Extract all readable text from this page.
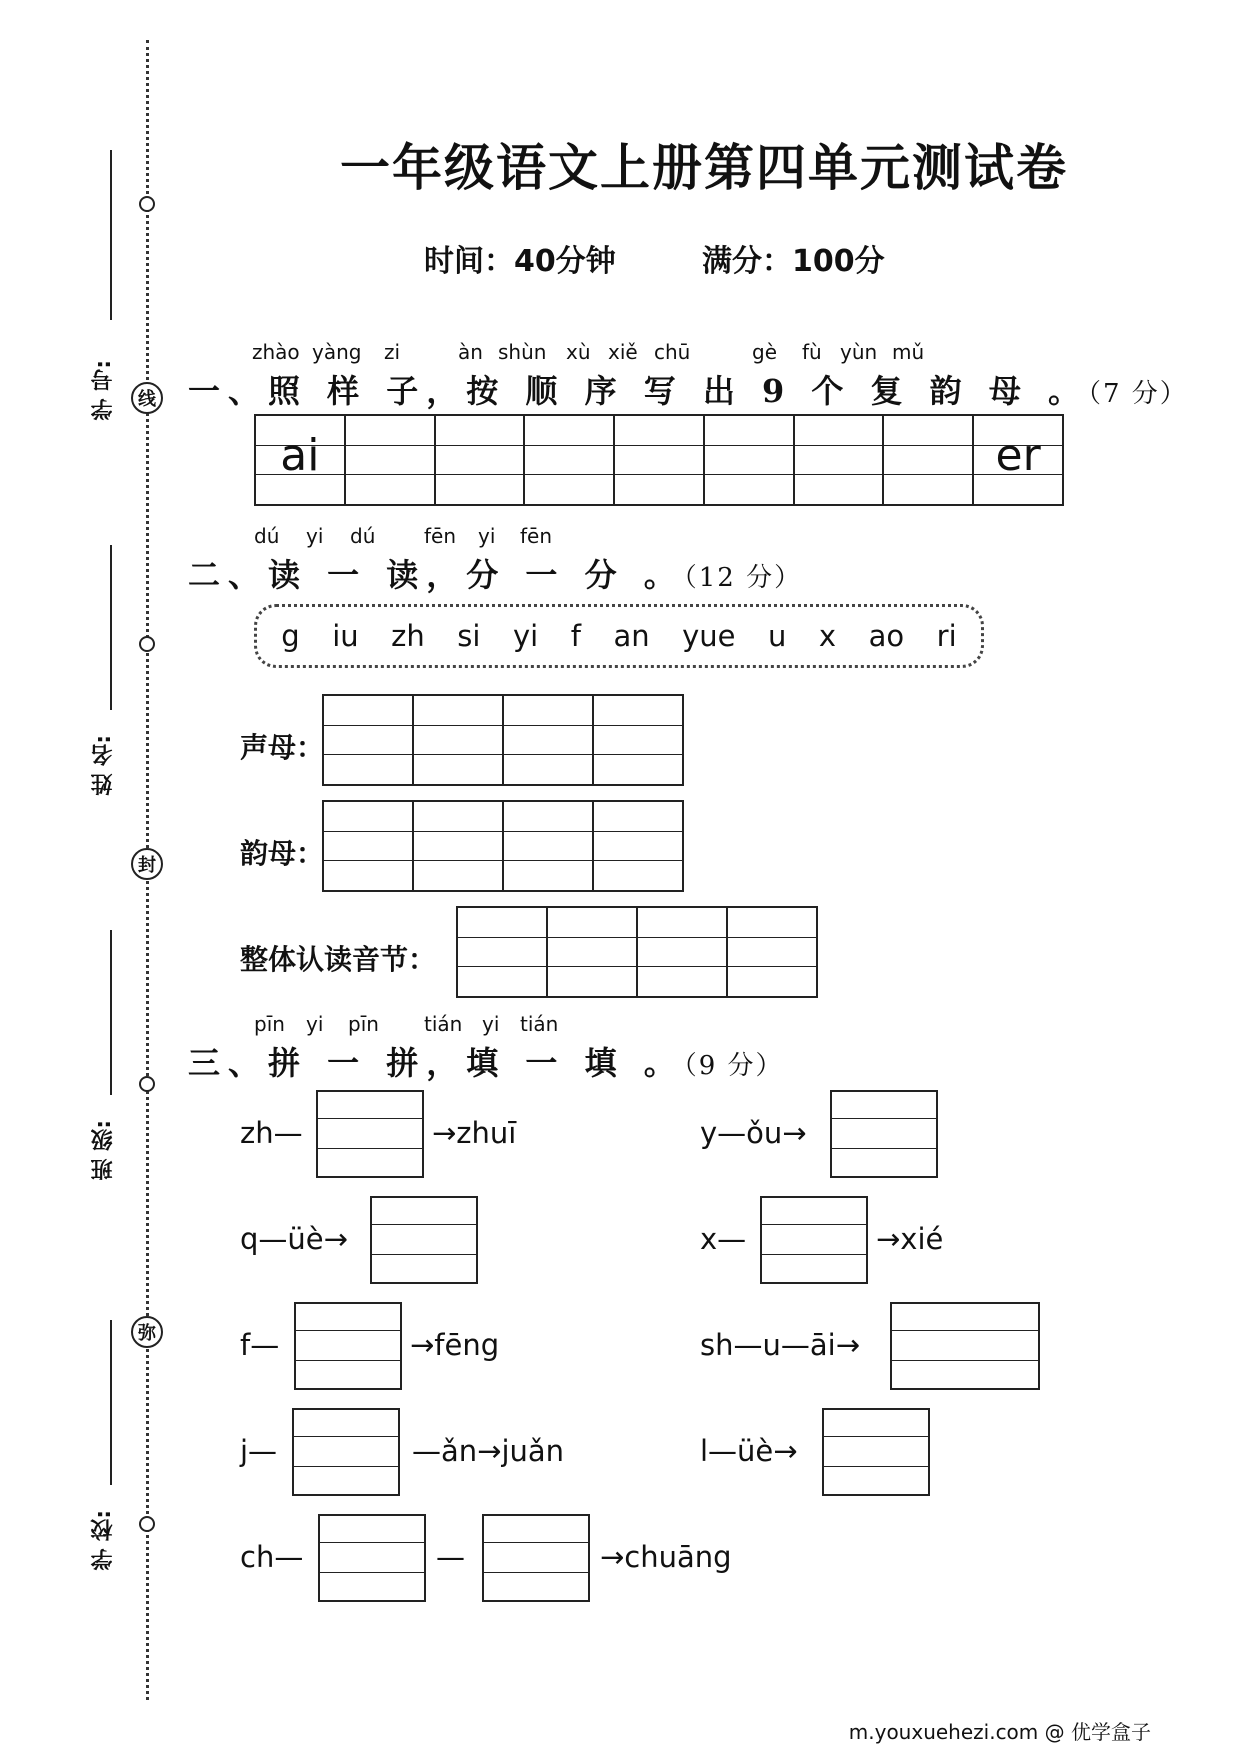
线
封
弥
学 号:
姓 名:
班 级:
学 校:
一年级语文上册第四单元测试卷
时间：40分钟	满分：100分
zhào yàng zi	àn shùn xù xiě chū	gè fù yùn mǔ
一、照 样 子，按 顺 序 写 出 9 个 复 韵 母 。（7 分）
ai	er
dú yi dú fēn yi fēn
二、读 一 读，分 一 分 。（12 分）
g iu zh si yi f an yue u x ao ri
声母：
韵母：
整体认读音节：
pīn yi pīn tián yi tián
三、拼 一 拼，填 一 填 。（9 分）
zh—	→zhuī	y—ǒu→
q—üè→	x—	→xié
f—	→fēng	sh—u—āi→
j—	—ǎn→juǎn	l—üè→
ch—	—	→chuāng
m.youxuehezi.com @ 优学盒子
